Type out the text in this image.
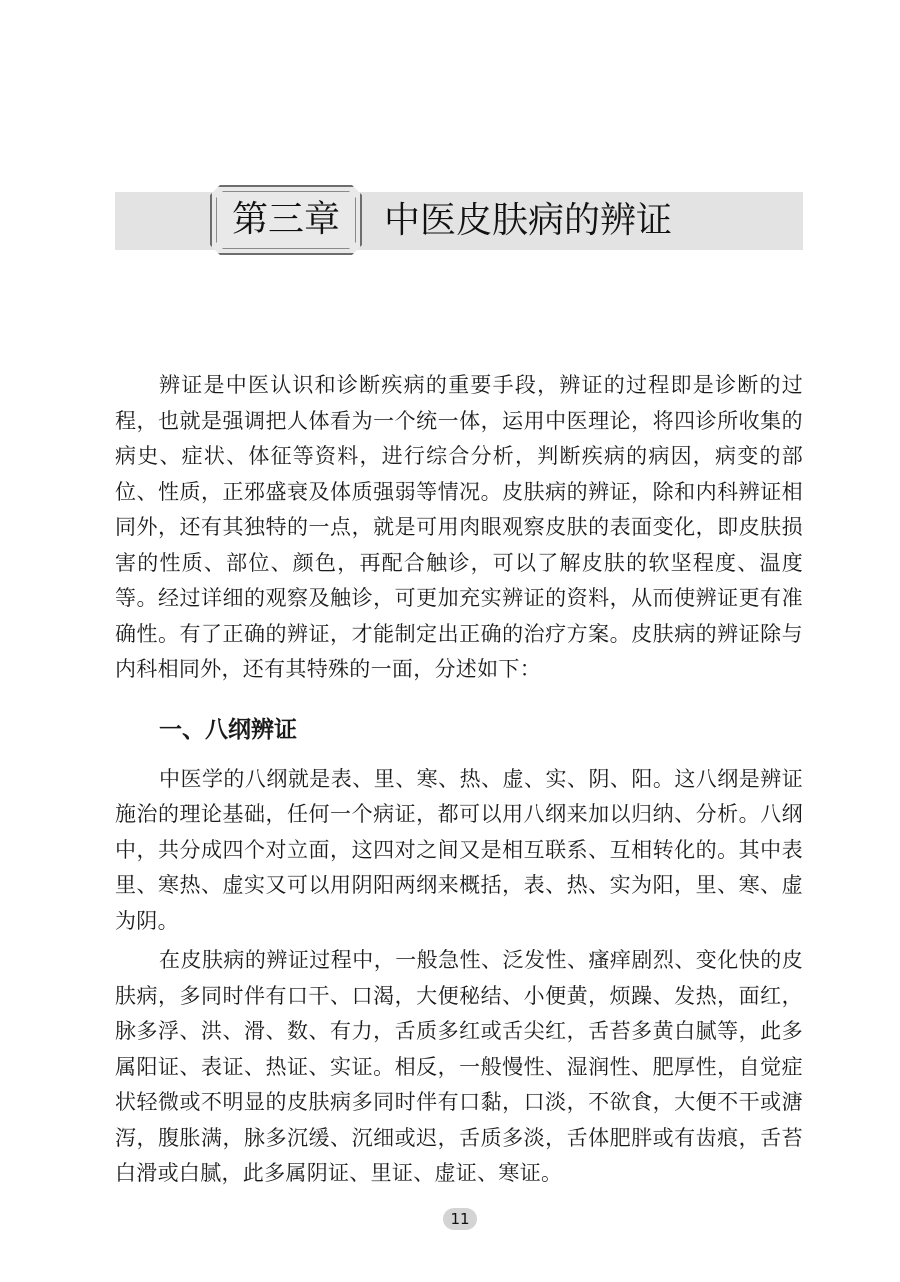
第三章	中医皮肤病的辨证

辨证是中医认识和诊断疾病的重要手段，辨证的过程即是诊断的过程，也就是强调把人体看为一个统一体，运用中医理论，将四诊所收集的病史、症状、体征等资料，进行综合分析，判断疾病的病因，病变的部位、性质，正邪盛衰及体质强弱等情况。皮肤病的辨证，除和内科辨证相同外，还有其独特的一点，就是可用肉眼观察皮肤的表面变化，即皮肤损害的性质、部位、颜色，再配合触诊，可以了解皮肤的软坚程度、温度等。经过详细的观察及触诊，可更加充实辨证的资料，从而使辨证更有准确性。有了正确的辨证，才能制定出正确的治疗方案。皮肤病的辨证除与内科相同外，还有其特殊的一面，分述如下：

一、八纲辨证

中医学的八纲就是表、里、寒、热、虚、实、阴、阳。这八纲是辨证施治的理论基础，任何一个病证，都可以用八纲来加以归纳、分析。八纲中，共分成四个对立面，这四对之间又是相互联系、互相转化的。其中表里、寒热、虚实又可以用阴阳两纲来概括，表、热、实为阳，里、寒、虚为阴。

在皮肤病的辨证过程中，一般急性、泛发性、瘙痒剧烈、变化快的皮肤病，多同时伴有口干、口渴，大便秘结、小便黄，烦躁、发热，面红，脉多浮、洪、滑、数、有力，舌质多红或舌尖红，舌苔多黄白腻等，此多属阳证、表证、热证、实证。相反，一般慢性、湿润性、肥厚性，自觉症状轻微或不明显的皮肤病多同时伴有口黏，口淡，不欲食，大便不干或溏泻，腹胀满，脉多沉缓、沉细或迟，舌质多淡，舌体肥胖或有齿痕，舌苔白滑或白腻，此多属阴证、里证、虚证、寒证。

11
